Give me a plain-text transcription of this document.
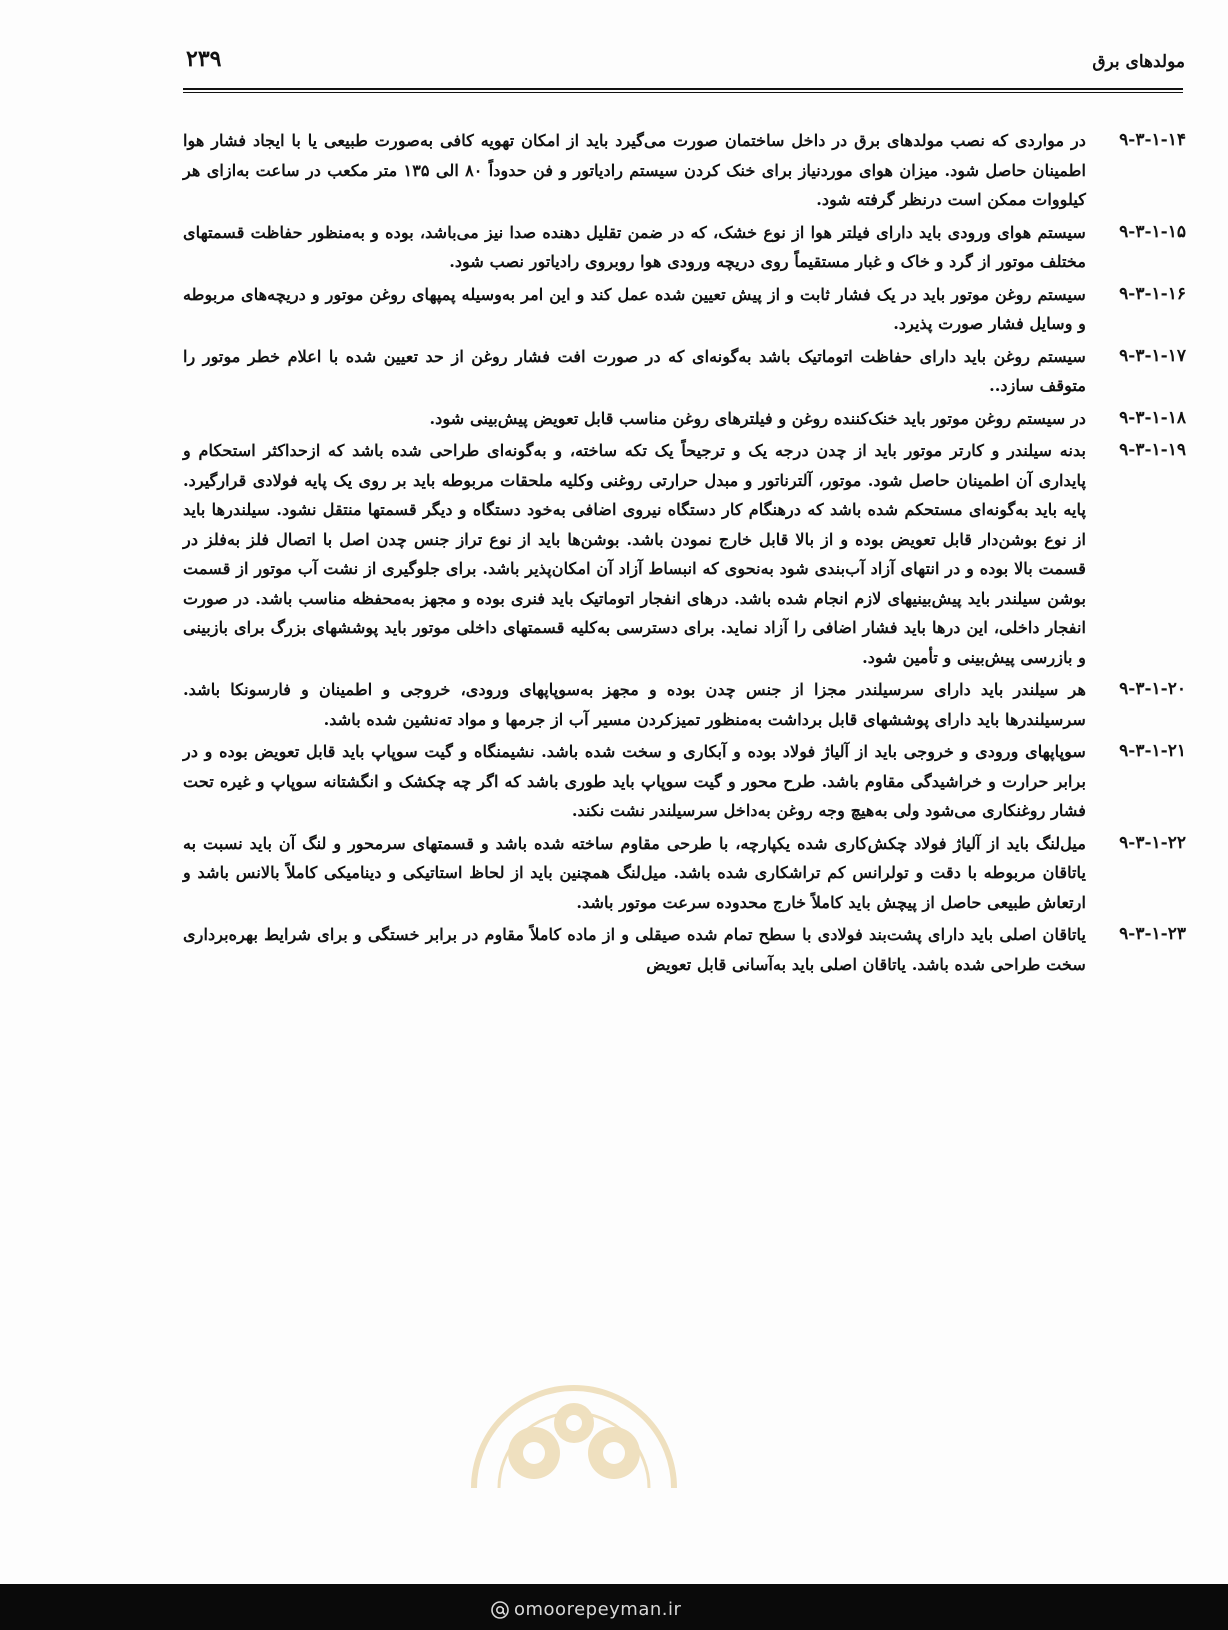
۲۳۹	مولدهای برق
۹-۳-۱-۱۴
در مواردی که نصب مولدهای برق در داخل ساختمان صورت می‌گیرد باید از امکان تهویه کافی به‌صورت طبیعی یا با ایجاد فشار هوا اطمینان حاصل شود. میزان هوای موردنیاز برای خنک کردن سیستم رادیاتور و فن حدوداً ۸۰ الی ۱۳۵ متر مکعب در ساعت به‌ازای هر کیلووات ممکن است درنظر گرفته شود.
۹-۳-۱-۱۵
سیستم هوای ورودی باید دارای فیلتر هوا از نوع خشک، که در ضمن تقلیل دهنده صدا نیز می‌باشد، بوده و به‌منظور حفاظت قسمتهای مختلف موتور از گرد و خاک و غبار مستقیماً روی دریچه ورودی هوا روبروی رادیاتور نصب شود.
۹-۳-۱-۱۶
سیستم روغن موتور باید در یک فشار ثابت و از پیش تعیین شده عمل کند و این امر به‌وسیله پمپهای روغن موتور و دریچه‌های مربوطه و وسایل فشار صورت پذیرد.
۹-۳-۱-۱۷
سیستم روغن باید دارای حفاظت اتوماتیک باشد به‌گونه‌ای که در صورت افت فشار روغن از حد تعیین شده با اعلام خطر موتور را متوقف سازد..
۹-۳-۱-۱۸
در سیستم روغن موتور باید خنک‌کننده روغن و فیلترهای روغن مناسب قابل تعویض پیش‌بینی شود.
۹-۳-۱-۱۹
بدنه سیلندر و کارتر موتور باید از چدن درجه یک و ترجیحاً یک تکه ساخته، و به‌گونه‌ای طراحی شده باشد که ازحداکثر استحکام و پایداری آن اطمینان حاصل شود. موتور، آلترناتور و مبدل حرارتی روغنی وکلیه ملحقات مربوطه باید بر روی یک پایه فولادی قرارگیرد. پایه باید به‌گونه‌ای مستحکم شده باشد که درهنگام کار دستگاه نیروی اضافی به‌خود دستگاه و دیگر قسمتها منتقل نشود. سیلندرها باید از نوع بوشن‌دار قابل تعویض بوده و از بالا قابل خارج نمودن باشد. بوشن‌ها باید از نوع تراز جنس چدن اصل با اتصال فلز به‌فلز در قسمت بالا بوده و در انتهای آزاد آب‌بندی شود به‌نحوی که انبساط آزاد آن امکان‌پذیر باشد. برای جلوگیری از نشت آب موتور از قسمت بوشن سیلندر باید پیش‌بینیهای لازم انجام شده باشد. درهای انفجار اتوماتیک باید فنری بوده و مجهز به‌محفظه مناسب باشد. در صورت انفجار داخلی، این درها باید فشار اضافی را آزاد نماید. برای دسترسی به‌کلیه قسمتهای داخلی موتور باید پوششهای بزرگ برای بازبینی و بازرسی پیش‌بینی و تأمین شود.
۹-۳-۱-۲۰
هر سیلندر باید دارای سرسیلندر مجزا از جنس چدن بوده و مجهز به‌سوپاپهای ورودی، خروجی و اطمینان و فارسونکا باشد. سرسیلندرها باید دارای پوششهای قابل برداشت به‌منظور تمیزکردن مسیر آب از جرمها و مواد ته‌نشین شده باشد.
۹-۳-۱-۲۱
سوپاپهای ورودی و خروجی باید از آلیاژ فولاد بوده و آبکاری و سخت شده باشد. نشیمنگاه و گیت سوپاپ باید قابل تعویض بوده و در برابر حرارت و خراشیدگی مقاوم باشد. طرح محور و گیت سوپاپ باید طوری باشد که اگر چه چکشک و انگشتانه سوپاپ و غیره تحت فشار روغنکاری می‌شود ولی به‌هیچ وجه روغن به‌داخل سرسیلندر نشت نکند.
۹-۳-۱-۲۲
میل‌لنگ باید از آلیاژ فولاد چکش‌کاری شده یکپارچه، با طرحی مقاوم ساخته شده باشد و قسمتهای سرمحور و لنگ آن باید نسبت به یاتاقان مربوطه با دقت و تولرانس کم تراشکاری شده باشد. میل‌لنگ همچنین باید از لحاظ استاتیکی و دینامیکی کاملاً بالانس باشد و ارتعاش طبیعی حاصل از پیچش باید کاملاً خارج محدوده سرعت موتور باشد.
۹-۳-۱-۲۳
یاتاقان اصلی باید دارای پشت‌بند فولادی با سطح تمام شده صیقلی و از ماده کاملاً مقاوم در برابر خستگی و برای شرایط بهره‌برداری سخت طراحی شده باشد. یاتاقان اصلی باید به‌آسانی قابل تعویض
omoorepeyman.ir
